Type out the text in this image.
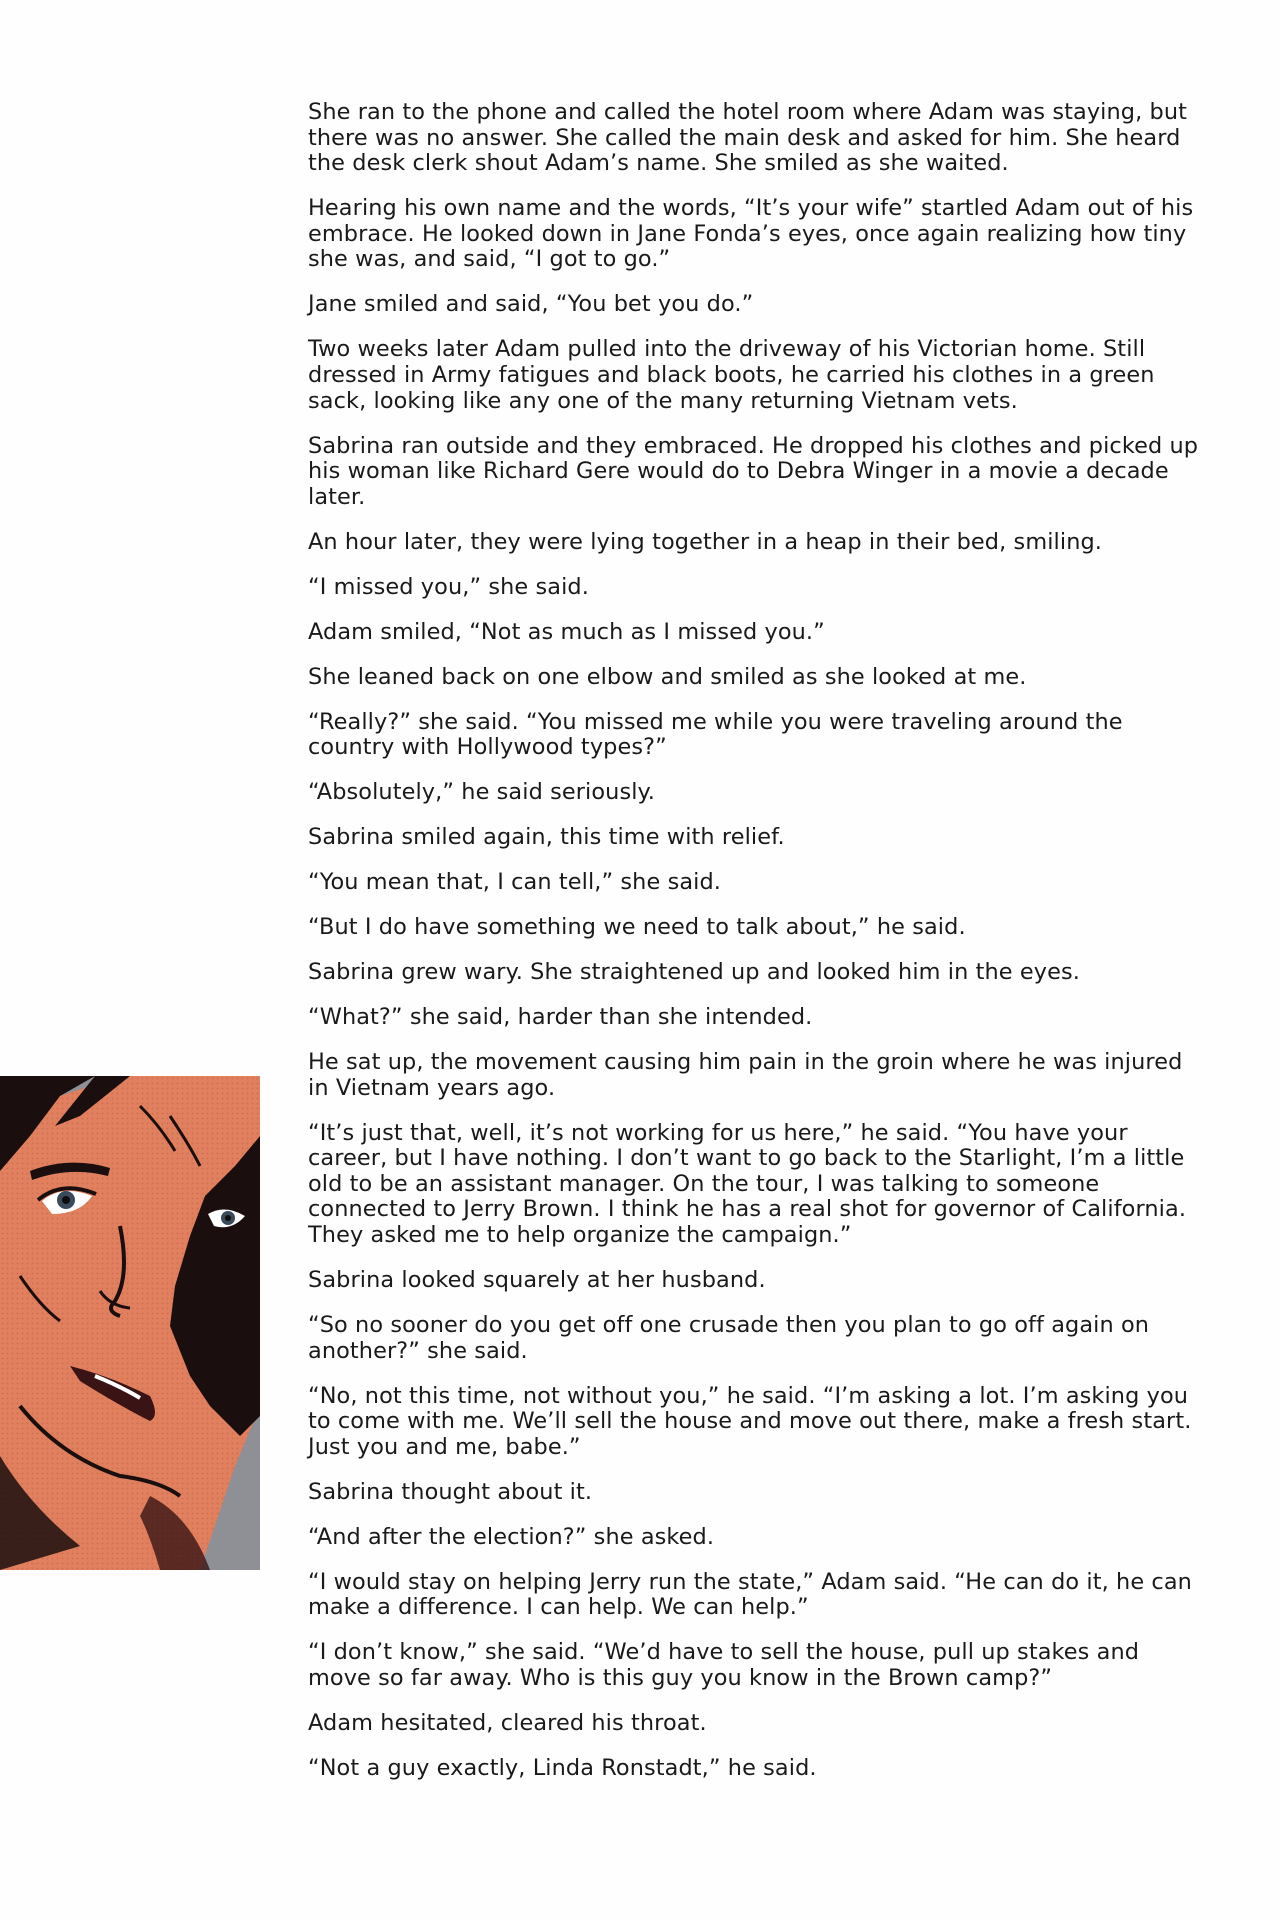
She ran to the phone and called the hotel room where Adam was staying, but there was no answer. She called the main desk and asked for him. She heard the desk clerk shout Adam’s name. She smiled as she waited.

Hearing his own name and the words, “It’s your wife” startled Adam out of his embrace. He looked down in Jane Fonda’s eyes, once again realizing how tiny she was, and said, “I got to go.”

Jane smiled and said, “You bet you do.”

Two weeks later Adam pulled into the driveway of his Victorian home. Still dressed in Army fatigues and black boots, he carried his clothes in a green sack, looking like any one of the many returning Vietnam vets.

Sabrina ran outside and they embraced. He dropped his clothes and picked up his woman like Richard Gere would do to Debra Winger in a movie a decade later.

An hour later, they were lying together in a heap in their bed, smiling.

“I missed you,” she said.

Adam smiled, “Not as much as I missed you.”

She leaned back on one elbow and smiled as she looked at me.

“Really?” she said. “You missed me while you were traveling around the country with Hollywood types?”

“Absolutely,” he said seriously.

Sabrina smiled again, this time with relief.

“You mean that, I can tell,” she said.

“But I do have something we need to talk about,” he said.

Sabrina grew wary. She straightened up and looked him in the eyes.

“What?” she said, harder than she intended.

He sat up, the movement causing him pain in the groin where he was injured in Vietnam years ago.

“It’s just that, well, it’s not working for us here,” he said. “You have your career, but I have nothing. I don’t want to go back to the Starlight, I’m a little old to be an assistant manager. On the tour, I was talking to someone connected to Jerry Brown. I think he has a real shot for governor of California. They asked me to help organize the campaign.”

Sabrina looked squarely at her husband.

“So no sooner do you get off one crusade then you plan to go off again on another?” she said.

“No, not this time, not without you,” he said. “I’m asking a lot. I’m asking you to come with me. We’ll sell the house and move out there, make a fresh start. Just you and me, babe.”

Sabrina thought about it.

“And after the election?” she asked.

“I would stay on helping Jerry run the state,” Adam said. “He can do it, he can make a difference. I can help. We can help.”

“I don’t know,” she said. “We’d have to sell the house, pull up stakes and move so far away. Who is this guy you know in the Brown camp?”

Adam hesitated, cleared his throat.

“Not a guy exactly, Linda Ronstadt,” he said.
